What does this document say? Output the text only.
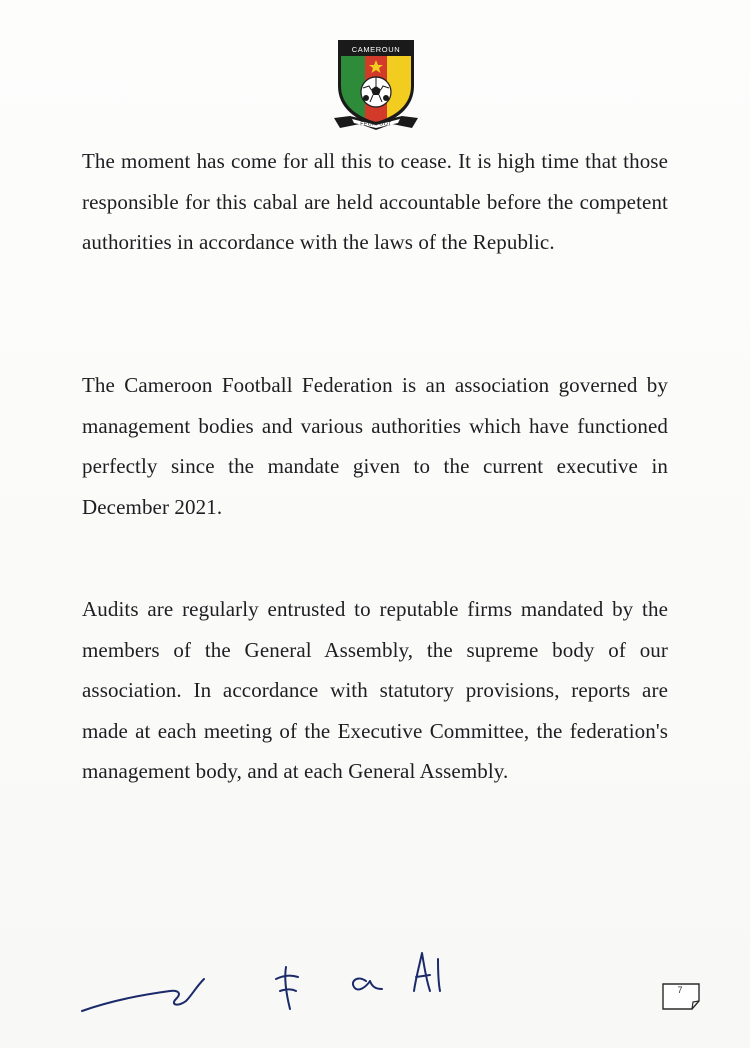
CAMEROUN
FECAFOOT

The moment has come for all this to cease. It is high time that those responsible for this cabal are held accountable before the competent authorities in accordance with the laws of the Republic.

The Cameroon Football Federation is an association governed by management bodies and various authorities which have functioned perfectly since the mandate given to the current executive in December 2021.

Audits are regularly entrusted to reputable firms mandated by the members of the General Assembly, the supreme body of our association. In accordance with statutory provisions, reports are made at each meeting of the Executive Committee, the federation's management body, and at each General Assembly.

7
